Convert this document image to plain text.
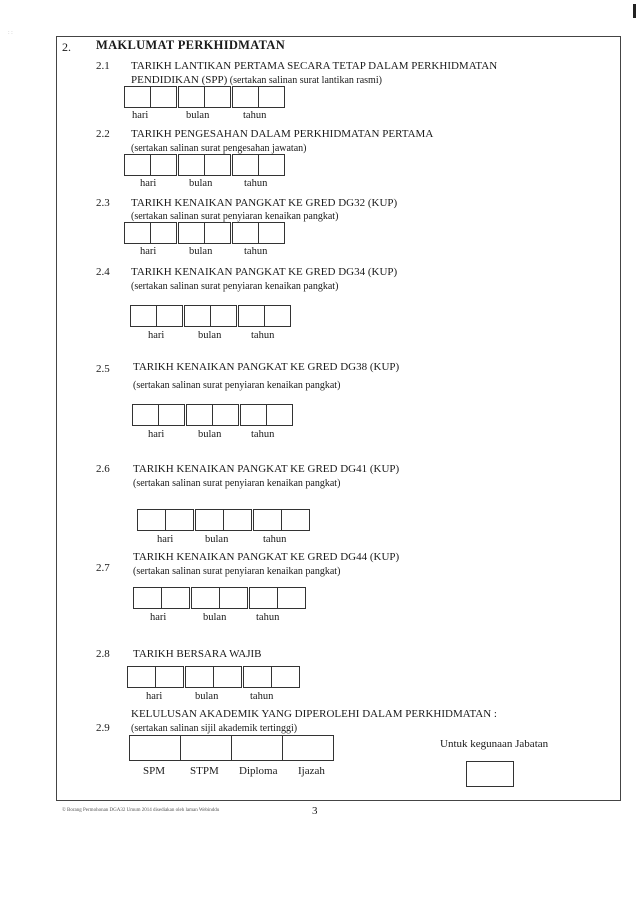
: :
2. MAKLUMAT PERKHIDMATAN
2.1 TARIKH LANTIKAN PERTAMA SECARA TETAP DALAM PERKHIDMATAN
PENDIDIKAN (SPP) (sertakan salinan surat lantikan rasmi)
hari	bulan	tahun
2.2 TARIKH PENGESAHAN DALAM PERKHIDMATAN PERTAMA
(sertakan salinan surat pengesahan jawatan)
hari	bulan	tahun
2.3 TARIKH KENAIKAN PANGKAT KE GRED DG32 (KUP)
(sertakan salinan surat penyiaran kenaikan pangkat)
hari	bulan	tahun
2.4 TARIKH KENAIKAN PANGKAT KE GRED DG34 (KUP)
(sertakan salinan surat penyiaran kenaikan pangkat)
hari	bulan	tahun
2.5 TARIKH KENAIKAN PANGKAT KE GRED DG38 (KUP)
(sertakan salinan surat penyiaran kenaikan pangkat)
hari	bulan	tahun
2.6 TARIKH KENAIKAN PANGKAT KE GRED DG41 (KUP)
(sertakan salinan surat penyiaran kenaikan pangkat)
hari	bulan	tahun
2.7
TARIKH KENAIKAN PANGKAT KE GRED DG44 (KUP)
(sertakan salinan surat penyiaran kenaikan pangkat)
hari	bulan	tahun
2.8 TARIKH BERSARA WAJIB
hari	bulan	tahun
2.9
KELULUSAN AKADEMIK YANG DIPEROLEHI DALAM PERKHIDMATAN :
(sertakan salinan sijil akademik tertinggi)
SPM STPM Diploma Ijazah
Untuk kegunaan Jabatan
© Borang Permohonan DGA32 Umum 2014 disediakan oleh laman Webinddu	3
